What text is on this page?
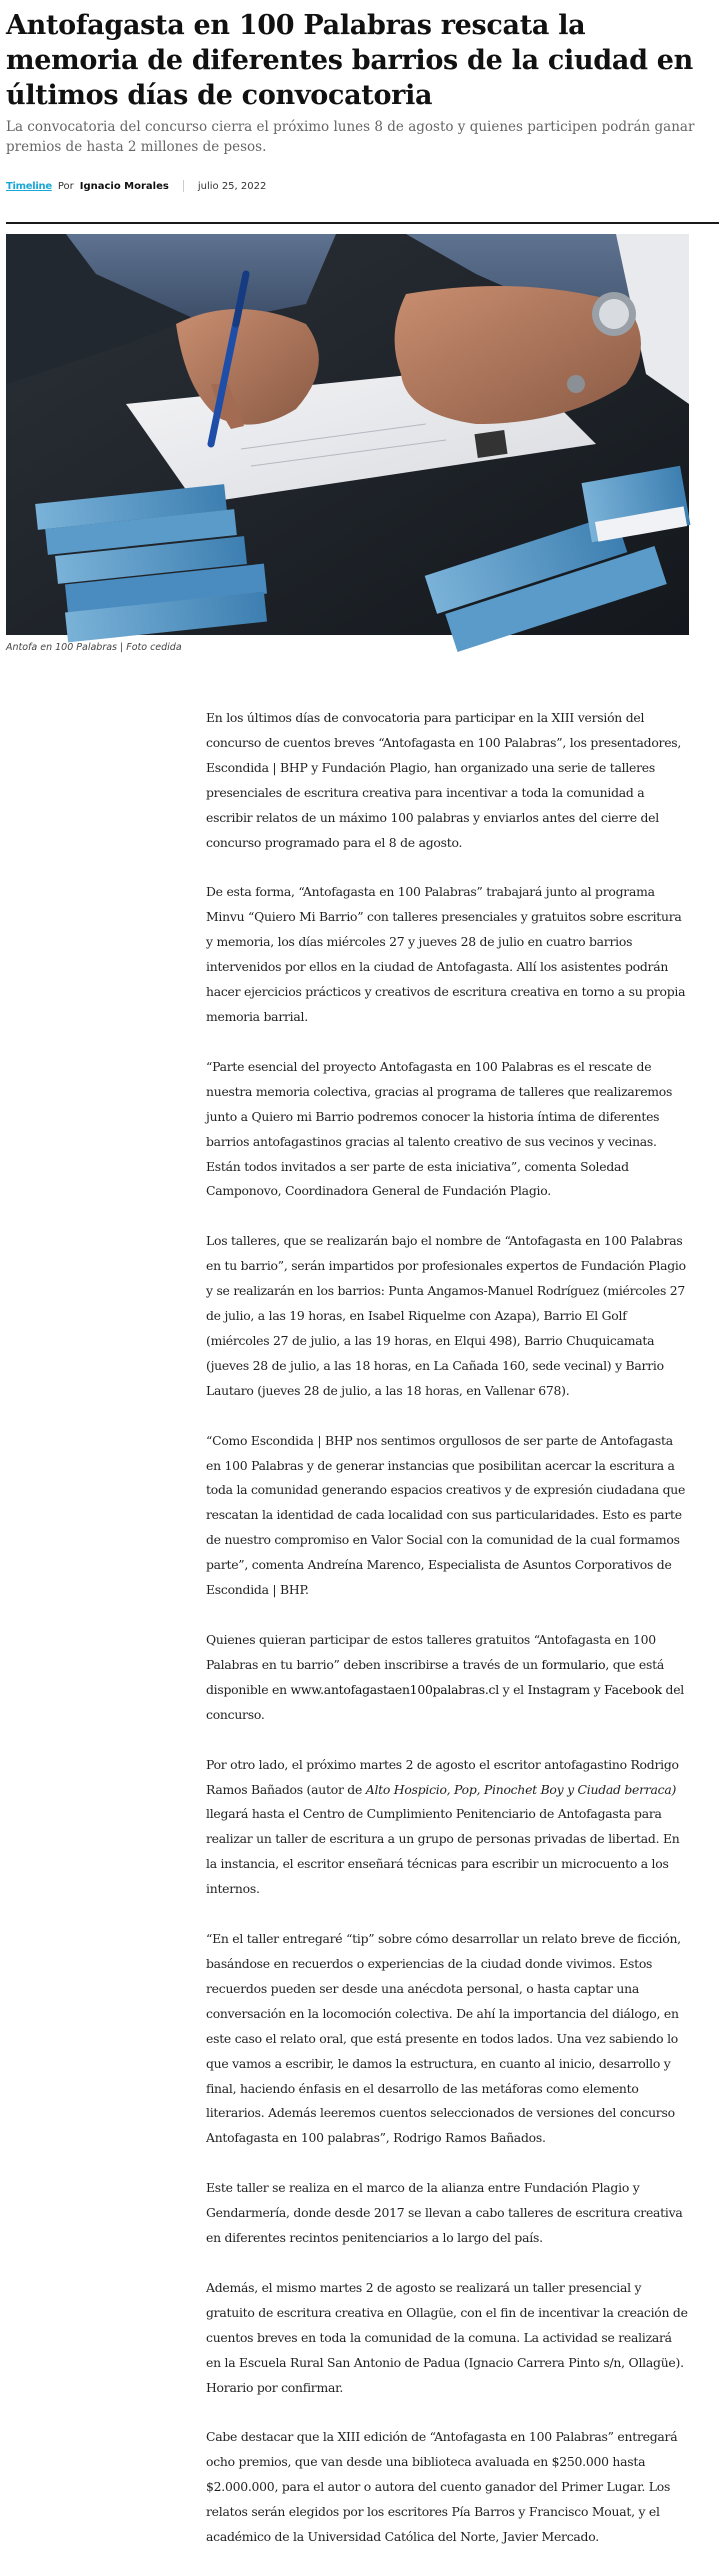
Antofagasta en 100 Palabras rescata la memoria de diferentes barrios de la ciudad en últimos días de convocatoria

La convocatoria del concurso cierra el próximo lunes 8 de agosto y quienes participen podrán ganar premios de hasta 2 millones de pesos.

Timeline Por Ignacio Morales	julio 25, 2022
Antofa en 100 Palabras | Foto cedida

En los últimos días de convocatoria para participar en la XIII versión del concurso de cuentos breves “Antofagasta en 100 Palabras”, los presentadores, Escondida | BHP y Fundación Plagio, han organizado una serie de talleres presenciales de escritura creativa para incentivar a toda la comunidad a escribir relatos de un máximo 100 palabras y enviarlos antes del cierre del concurso programado para el 8 de agosto.

De esta forma, “Antofagasta en 100 Palabras” trabajará junto al programa Minvu “Quiero Mi Barrio” con talleres presenciales y gratuitos sobre escritura y memoria, los días miércoles 27 y jueves 28 de julio en cuatro barrios intervenidos por ellos en la ciudad de Antofagasta. Allí los asistentes podrán hacer ejercicios prácticos y creativos de escritura creativa en torno a su propia memoria barrial.

“Parte esencial del proyecto Antofagasta en 100 Palabras es el rescate de nuestra memoria colectiva, gracias al programa de talleres que realizaremos junto a Quiero mi Barrio podremos conocer la historia íntima de diferentes barrios antofagastinos gracias al talento creativo de sus vecinos y vecinas. Están todos invitados a ser parte de esta iniciativa”, comenta Soledad Camponovo, Coordinadora General de Fundación Plagio.

Los talleres, que se realizarán bajo el nombre de “Antofagasta en 100 Palabras en tu barrio”, serán impartidos por profesionales expertos de Fundación Plagio y se realizarán en los barrios: Punta Angamos-Manuel Rodríguez (miércoles 27 de julio, a las 19 horas, en Isabel Riquelme con Azapa), Barrio El Golf (miércoles 27 de julio, a las 19 horas, en Elqui 498), Barrio Chuquicamata (jueves 28 de julio, a las 18 horas, en La Cañada 160, sede vecinal) y Barrio Lautaro (jueves 28 de julio, a las 18 horas, en Vallenar 678).

“Como Escondida | BHP nos sentimos orgullosos de ser parte de Antofagasta en 100 Palabras y de generar instancias que posibilitan acercar la escritura a toda la comunidad generando espacios creativos y de expresión ciudadana que rescatan la identidad de cada localidad con sus particularidades. Esto es parte de nuestro compromiso en Valor Social con la comunidad de la cual formamos parte”, comenta Andreína Marenco, Especialista de Asuntos Corporativos de Escondida | BHP.

Quienes quieran participar de estos talleres gratuitos “Antofagasta en 100 Palabras en tu barrio” deben inscribirse a través de un formulario, que está disponible en www.antofagastaen100palabras.cl y el Instagram y Facebook del concurso.

Por otro lado, el próximo martes 2 de agosto el escritor antofagastino Rodrigo Ramos Bañados (autor de Alto Hospicio, Pop, Pinochet Boy y Ciudad berraca) llegará hasta el Centro de Cumplimiento Penitenciario de Antofagasta para realizar un taller de escritura a un grupo de personas privadas de libertad. En la instancia, el escritor enseñará técnicas para escribir un microcuento a los internos.

“En el taller entregaré “tip” sobre cómo desarrollar un relato breve de ficción, basándose en recuerdos o experiencias de la ciudad donde vivimos. Estos recuerdos pueden ser desde una anécdota personal, o hasta captar una conversación en la locomoción colectiva. De ahí la importancia del diálogo, en este caso el relato oral, que está presente en todos lados. Una vez sabiendo lo que vamos a escribir, le damos la estructura, en cuanto al inicio, desarrollo y final, haciendo énfasis en el desarrollo de las metáforas como elemento literarios. Además leeremos cuentos seleccionados de versiones del concurso Antofagasta en 100 palabras”, Rodrigo Ramos Bañados.

Este taller se realiza en el marco de la alianza entre Fundación Plagio y Gendarmería, donde desde 2017 se llevan a cabo talleres de escritura creativa en diferentes recintos penitenciarios a lo largo del país.

Además, el mismo martes 2 de agosto se realizará un taller presencial y gratuito de escritura creativa en Ollagüe, con el fin de incentivar la creación de cuentos breves en toda la comunidad de la comuna. La actividad se realizará en la Escuela Rural San Antonio de Padua (Ignacio Carrera Pinto s/n, Ollagüe). Horario por confirmar.

Cabe destacar que la XIII edición de “Antofagasta en 100 Palabras” entregará ocho premios, que van desde una biblioteca avaluada en $250.000 hasta $2.000.000, para el autor o autora del cuento ganador del Primer Lugar. Los relatos serán elegidos por los escritores Pía Barros y Francisco Mouat, y el académico de la Universidad Católica del Norte, Javier Mercado.
